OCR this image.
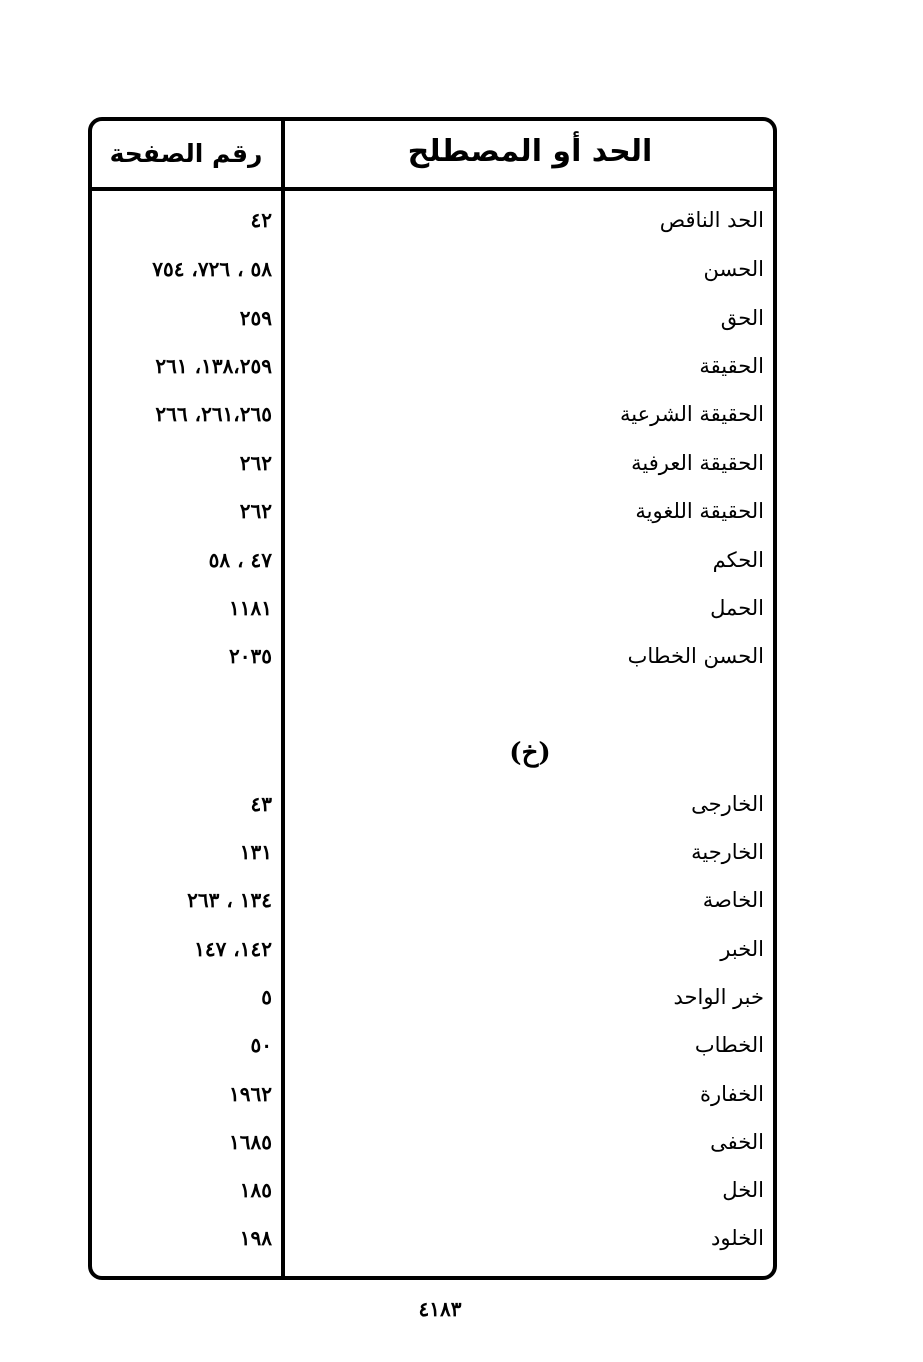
الحد أو المصطلح
رقم الصفحة
الحد الناقص
٤٢
الحسن
٥٨ ، ٧٢٦، ٧٥٤
الحق
٢٥٩
الحقيقة
١٣٨،٢٥٩، ٢٦١
الحقيقة الشرعية
٢٦١،٢٦٥، ٢٦٦
الحقيقة العرفية
٢٦٢
الحقيقة اللغوية
٢٦٢
الحكم
٤٧ ، ٥٨
الحمل
١١٨١
الحسن الخطاب
٢٠٣٥
الخارجى
٤٣
الخارجية
١٣١
الخاصة
١٣٤ ، ٢٦٣
الخبر
١٤٢، ١٤٧
خبر الواحد
٥
الخطاب
٥٠
الخفارة
١٩٦٢
الخفى
١٦٨٥
الخل
١٨٥
الخلود
١٩٨
(خ)
٤١٨٣
